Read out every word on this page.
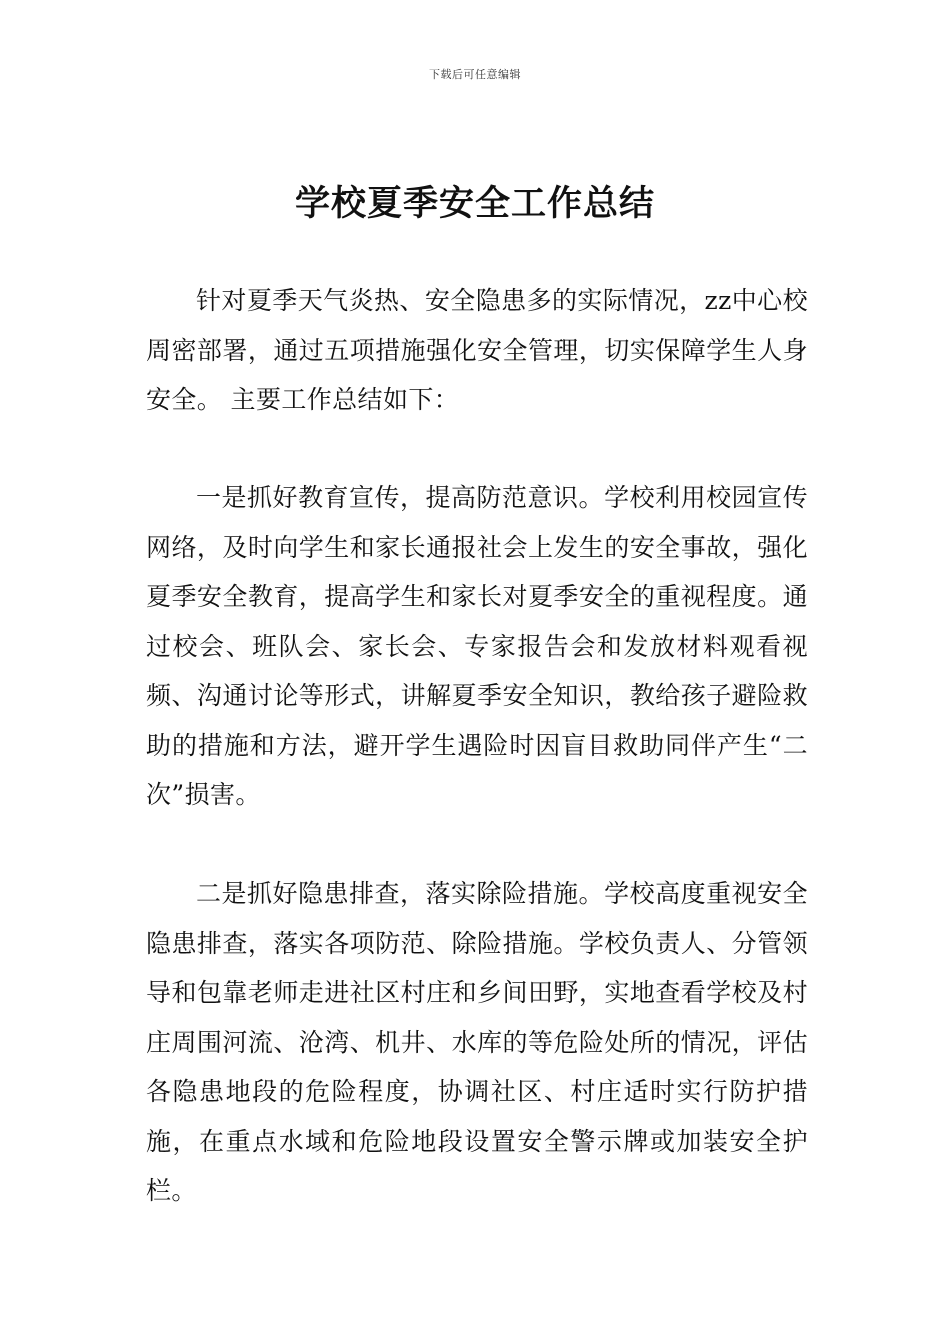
下载后可任意编辑
学校夏季安全工作总结

针对夏季天气炎热、安全隐患多的实际情况，zz中心校周密部署，通过五项措施强化安全管理，切实保障学生人身安全。 主要工作总结如下：

一是抓好教育宣传，提高防范意识。学校利用校园宣传网络，及时向学生和家长通报社会上发生的安全事故，强化夏季安全教育，提高学生和家长对夏季安全的重视程度。通过校会、班队会、家长会、专家报告会和发放材料观看视频、沟通讨论等形式，讲解夏季安全知识，教给孩子避险救助的措施和方法，避开学生遇险时因盲目救助同伴产生“二次”损害。

二是抓好隐患排查，落实除险措施。学校高度重视安全隐患排查，落实各项防范、除险措施。学校负责人、分管领导和包靠老师走进社区村庄和乡间田野，实地查看学校及村庄周围河流、沧湾、机井、水库的等危险处所的情况，评估各隐患地段的危险程度，协调社区、村庄适时实行防护措施，在重点水域和危险地段设置安全警示牌或加装安全护栏。
